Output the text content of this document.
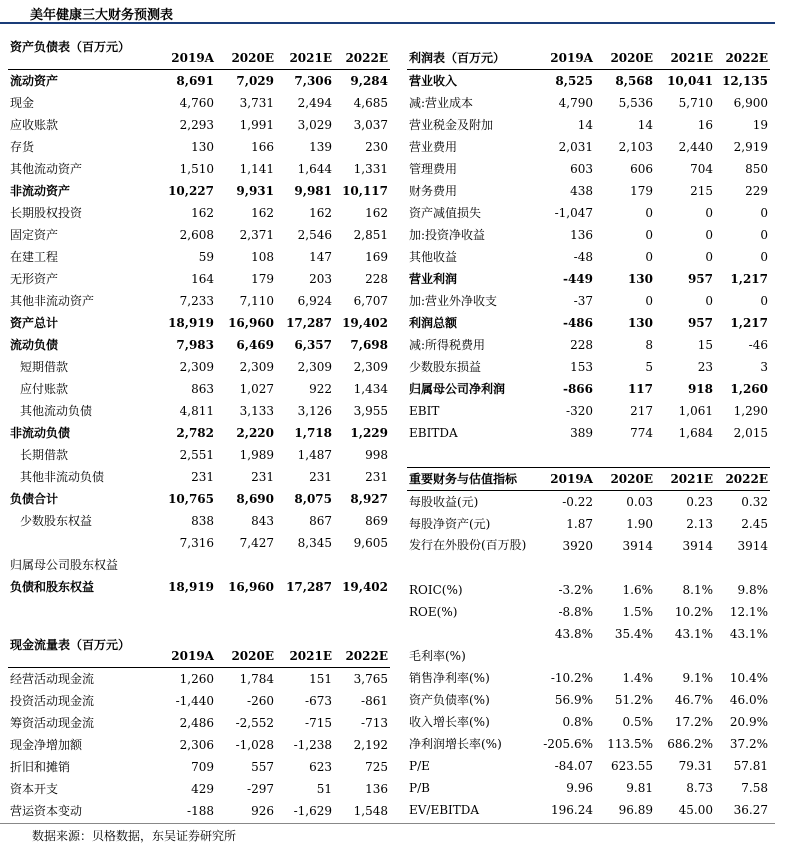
美年健康三大财务预测表
资产负债表（百万元）	2019A	2020E	2021E	2022E
流动资产	8,691	7,029	7,306	9,284
现金	4,760	3,731	2,494	4,685
应收账款	2,293	1,991	3,029	3,037
存货	130	166	139	230
其他流动资产	1,510	1,141	1,644	1,331
非流动资产	10,227	9,931	9,981	10,117
长期股权投资	162	162	162	162
固定资产	2,608	2,371	2,546	2,851
在建工程	59	108	147	169
无形资产	164	179	203	228
其他非流动资产	7,233	7,110	6,924	6,707
资产总计	18,919	16,960	17,287	19,402
流动负债	7,983	6,469	6,357	7,698
短期借款	2,309	2,309	2,309	2,309
应付账款	863	1,027	922	1,434
其他流动负债	4,811	3,133	3,126	3,955
非流动负债	2,782	2,220	1,718	1,229
长期借款	2,551	1,989	1,487	998
其他非流动负债	231	231	231	231
负债合计	10,765	8,690	8,075	8,927
少数股东权益	838	843	867	869
归属母公司股东权益	7,316	7,427	8,345	9,605
负债和股东权益	18,919	16,960	17,287	19,402
利润表（百万元）	2019A	2020E	2021E	2022E
营业收入	8,525	8,568	10,041	12,135
减:营业成本	4,790	5,536	5,710	6,900
营业税金及附加	14	14	16	19
营业费用	2,031	2,103	2,440	2,919
管理费用	603	606	704	850
财务费用	438	179	215	229
资产减值损失	-1,047	0	0	0
加:投资净收益	136	0	0	0
其他收益	-48	0	0	0
营业利润	-449	130	957	1,217
加:营业外净收支	-37	0	0	0
利润总额	-486	130	957	1,217
减:所得税费用	228	8	15	-46
少数股东损益	153	5	23	3
归属母公司净利润	-866	117	918	1,260
EBIT	-320	217	1,061	1,290
EBITDA	389	774	1,684	2,015
重要财务与估值指标	2019A	2020E	2021E	2022E
每股收益(元)	-0.22	0.03	0.23	0.32
每股净资产(元)	1.87	1.90	2.13	2.45
发行在外股份(百万股)	3920	3914	3914	3914
ROIC(%)	-3.2%	1.6%	8.1%	9.8%
ROE(%)	-8.8%	1.5%	10.2%	12.1%
毛利率(%)	43.8%	35.4%	43.1%	43.1%
销售净利率(%)	-10.2%	1.4%	9.1%	10.4%
资产负债率(%)	56.9%	51.2%	46.7%	46.0%
收入增长率(%)	0.8%	0.5%	17.2%	20.9%
净利润增长率(%)	-205.6%	113.5%	686.2%	37.2%
P/E	-84.07	623.55	79.31	57.81
P/B	9.96	9.81	8.73	7.58
EV/EBITDA	196.24	96.89	45.00	36.27
现金流量表（百万元）	2019A	2020E	2021E	2022E
经营活动现金流	1,260	1,784	151	3,765
投资活动现金流	-1,440	-260	-673	-861
筹资活动现金流	2,486	-2,552	-715	-713
现金净增加额	2,306	-1,028	-1,238	2,192
折旧和摊销	709	557	623	725
资本开支	429	-297	51	136
营运资本变动	-188	926	-1,629	1,548
数据来源：贝格数据，东吴证券研究所
